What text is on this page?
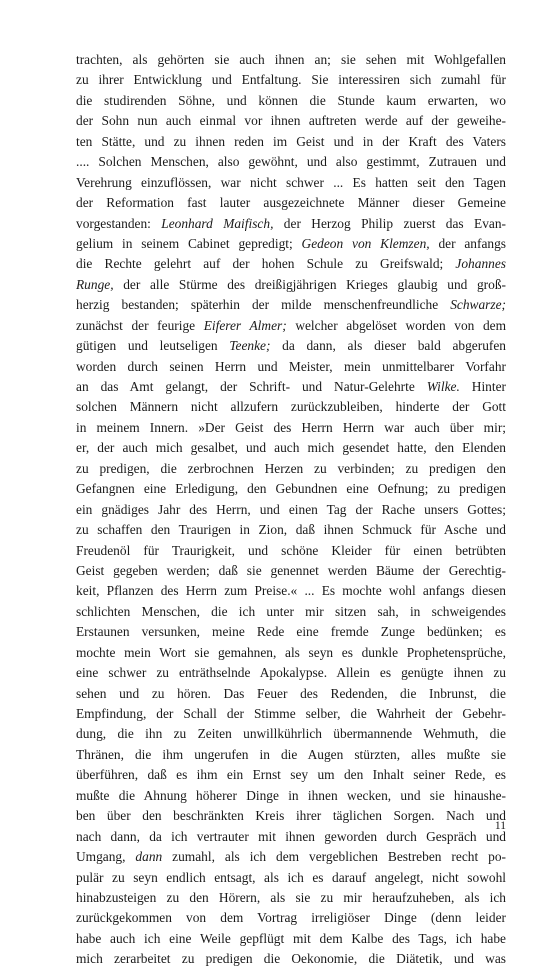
trachten, als gehörten sie auch ihnen an; sie sehen mit Wohlgefallen
zu ihrer Entwicklung und Entfaltung. Sie interessiren sich zumahl für
die studirenden Söhne, und können die Stunde kaum erwarten, wo
der Sohn nun auch einmal vor ihnen auftreten werde auf der geweihe-
ten Stätte, und zu ihnen reden im Geist und in der Kraft des Vaters
.... Solchen Menschen, also gewöhnt, und also gestimmt, Zutrauen und
Verehrung einzuflössen, war nicht schwer ... Es hatten seit den Tagen
der Reformation fast lauter ausgezeichnete Männer dieser Gemeine
vorgestanden: Leonhard Maifisch, der Herzog Philip zuerst das Evan-
gelium in seinem Cabinet gepredigt; Gedeon von Klemzen, der anfangs
die Rechte gelehrt auf der hohen Schule zu Greifswald; Johannes
Runge, der alle Stürme des dreißigjährigen Krieges glaubig und groß-
herzig bestanden; späterhin der milde menschenfreundliche Schwarze;
zunächst der feurige Eiferer Almer; welcher abgelöset worden von dem
gütigen und leutseligen Teenke; da dann, als dieser bald abgerufen
worden durch seinen Herrn und Meister, mein unmittelbarer Vorfahr
an das Amt gelangt, der Schrift- und Natur-Gelehrte Wilke. Hinter
solchen Männern nicht allzufern zurückzubleiben, hinderte der Gott
in meinem Innern. »Der Geist des Herrn Herrn war auch über mir;
er, der auch mich gesalbet, und auch mich gesendet hatte, den Elenden
zu predigen, die zerbrochnen Herzen zu verbinden; zu predigen den
Gefangnen eine Erledigung, den Gebundnen eine Oefnung; zu predigen
ein gnädiges Jahr des Herrn, und einen Tag der Rache unsers Gottes;
zu schaffen den Traurigen in Zion, daß ihnen Schmuck für Asche und
Freudenöl für Traurigkeit, und schöne Kleider für einen betrübten
Geist gegeben werden; daß sie genennet werden Bäume der Gerechtig-
keit, Pflanzen des Herrn zum Preise.« ... Es mochte wohl anfangs diesen
schlichten Menschen, die ich unter mir sitzen sah, in schweigendes
Erstaunen versunken, meine Rede eine fremde Zunge bedünken; es
mochte mein Wort sie gemahnen, als seyn es dunkle Prophetensprüche,
eine schwer zu enträthselnde Apokalypse. Allein es genügte ihnen zu
sehen und zu hören. Das Feuer des Redenden, die Inbrunst, die
Empfindung, der Schall der Stimme selber, die Wahrheit der Gebehr-
dung, die ihn zu Zeiten unwillkührlich übermannende Wehmuth, die
Thränen, die ihm ungerufen in die Augen stürzten, alles mußte sie
überführen, daß es ihm ein Ernst sey um den Inhalt seiner Rede, es
mußte die Ahnung höherer Dinge in ihnen wecken, und sie hinaushe-
ben über den beschränkten Kreis ihrer täglichen Sorgen. Nach und
nach dann, da ich vertrauter mit ihnen geworden durch Gespräch und
Umgang, dann zumahl, als ich dem vergeblichen Bestreben recht po-
pulär zu seyn endlich entsagt, als ich es darauf angelegt, nicht sowohl
hinabzusteigen zu den Hörern, als sie zu mir heraufzuheben, als ich
zurückgekommen von dem Vortrag irreligiöser Dinge (denn leider
habe auch ich eine Weile gepflügt mit dem Kalbe des Tags, ich habe
mich zerarbeitet zu predigen die Oekonomie, die Diätetik, und was
11
